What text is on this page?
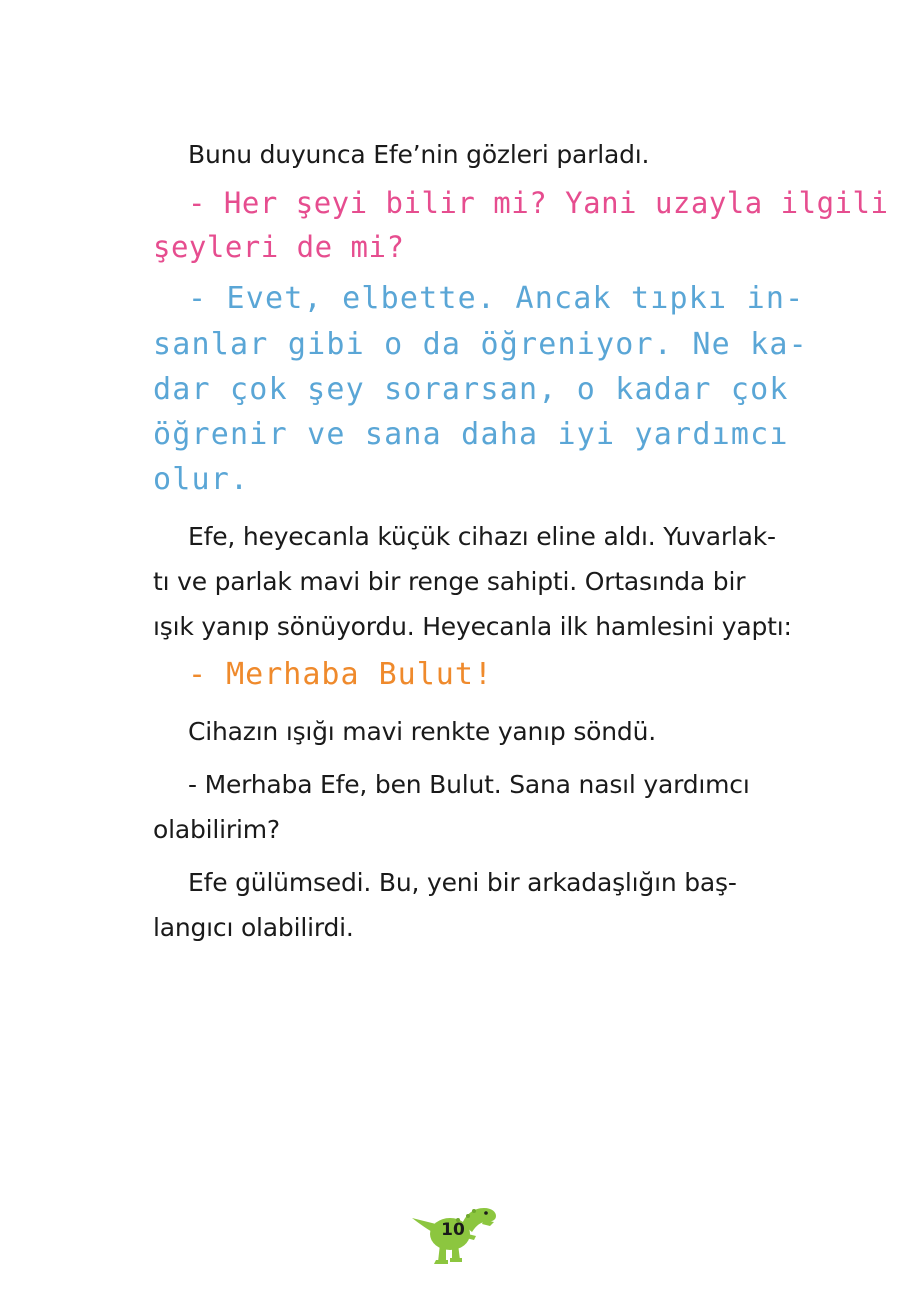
Bunu duyunca Efe’nin gözleri parladı.
- Her şeyi bilir mi? Yani uzayla ilgili
şeyleri de mi?
- Evet, elbette. Ancak tıpkı in-
sanlar gibi o da öğreniyor. Ne ka-
dar çok şey sorarsan, o kadar çok
öğrenir ve sana daha iyi yardımcı
olur.
Efe, heyecanla küçük cihazı eline aldı. Yuvarlak-
tı ve parlak mavi bir renge sahipti. Ortasında bir
ışık yanıp sönüyordu. Heyecanla ilk hamlesini yaptı:
- Merhaba Bulut!
Cihazın ışığı mavi renkte yanıp söndü.
- Merhaba Efe, ben Bulut. Sana nasıl yardımcı
olabilirim?
Efe gülümsedi. Bu, yeni bir arkadaşlığın baş-
langıcı olabilirdi.
10
